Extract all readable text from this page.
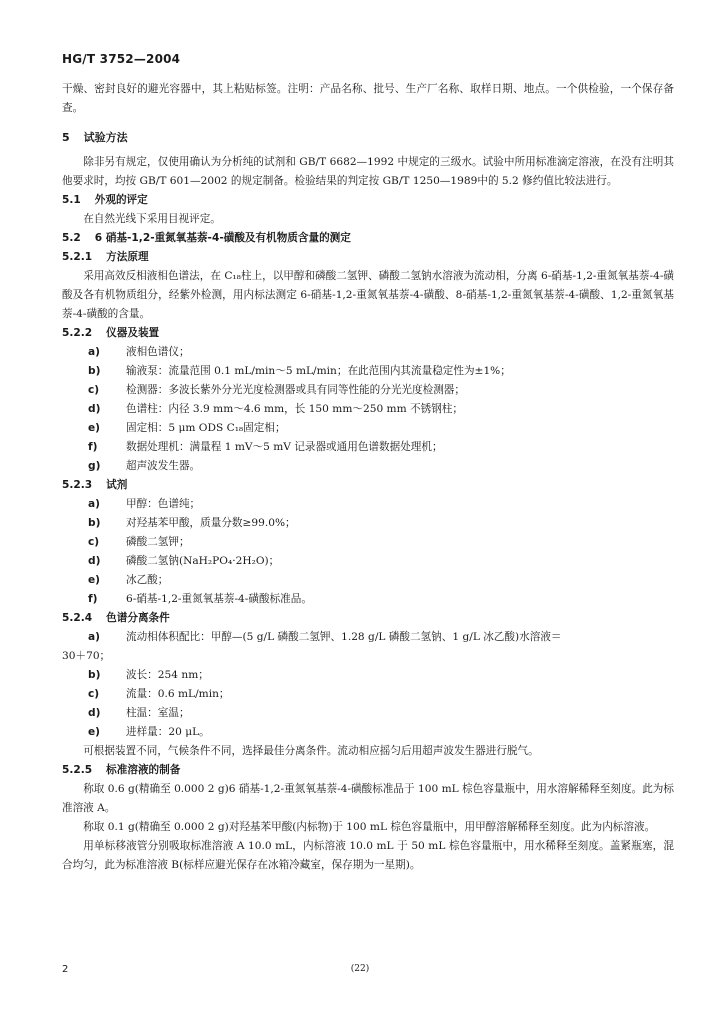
HG/T 3752—2004

干燥、密封良好的避光容器中，其上粘贴标签。注明：产品名称、批号、生产厂名称、取样日期、地点。一个供检验，一个保存备查。

5 试验方法

除非另有规定，仅使用确认为分析纯的试剂和 GB/T 6682—1992 中规定的三级水。试验中所用标准滴定溶液，在没有注明其他要求时，均按 GB/T 601—2002 的规定制备。检验结果的判定按 GB/T 1250—1989中的 5.2 修约值比较法进行。

5.1 外观的评定

在自然光线下采用目视评定。

5.2 6 硝基-1,2-重氮氧基萘-4-磺酸及有机物质含量的测定

5.2.1 方法原理

采用高效反相液相色谱法，在 C₁₈柱上，以甲醇和磷酸二氢钾、磷酸二氢钠水溶液为流动相，分离 6-硝基-1,2-重氮氧基萘-4-磺酸及各有机物质组分，经紫外检测，用内标法测定 6-硝基-1,2-重氮氧基萘-4-磺酸、8-硝基-1,2-重氮氧基萘-4-磺酸、1,2-重氮氧基萘-4-磺酸的含量。

5.2.2 仪器及装置

a)	液相色谱仪；
b)	输液泵：流量范围 0.1 mL/min～5 mL/min；在此范围内其流量稳定性为±1%；
c)	检测器：多波长紫外分光光度检测器或具有同等性能的分光光度检测器；
d)	色谱柱：内径 3.9 mm～4.6 mm，长 150 mm～250 mm 不锈钢柱；
e)	固定相：5 μm ODS C₁₈固定相；
f)	数据处理机：满量程 1 mV～5 mV 记录器或通用色谱数据处理机；
g)	超声波发生器。

5.2.3 试剂

a)	甲醇：色谱纯；
b)	对羟基苯甲酸，质量分数≥99.0%；
c)	磷酸二氢钾；
d)	磷酸二氢钠(NaH₂PO₄·2H₂O)；
e)	冰乙酸；
f)	6-硝基-1,2-重氮氧基萘-4-磺酸标准品。

5.2.4 色谱分离条件

a)	流动相体积配比：甲醇—(5 g/L 磷酸二氢钾、1.28 g/L 磷酸二氢钠、1 g/L 冰乙酸)水溶液＝

30＋70；

b)	波长：254 nm；
c)	流量：0.6 mL/min；
d)	柱温：室温；
e)	进样量：20 μL。

可根据装置不同，气候条件不同，选择最佳分离条件。流动相应摇匀后用超声波发生器进行脱气。

5.2.5 标准溶液的制备

称取 0.6 g(精确至 0.000 2 g)6 硝基-1,2-重氮氧基萘-4-磺酸标准品于 100 mL 棕色容量瓶中，用水溶解稀释至刻度。此为标准溶液 A。

称取 0.1 g(精确至 0.000 2 g)对羟基苯甲酸(内标物)于 100 mL 棕色容量瓶中，用甲醇溶解稀释至刻度。此为内标溶液。

用单标移液管分别吸取标准溶液 A 10.0 mL，内标溶液 10.0 mL 于 50 mL 棕色容量瓶中，用水稀释至刻度。盖紧瓶塞，混合均匀，此为标准溶液 B(标样应避光保存在冰箱冷藏室，保存期为一星期)。

2	(22)
